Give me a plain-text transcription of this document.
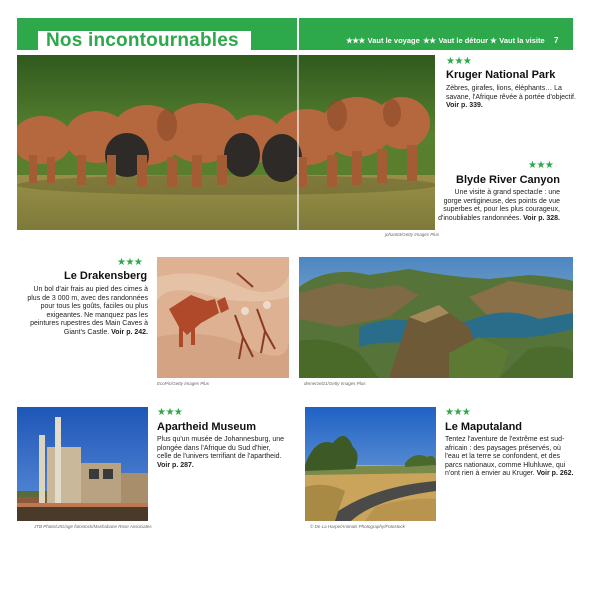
Nos incontournables	★★★ Vaut le voyage ★★ Vaut le détour ★ Vaut la visite 7
johan63/Getty Images Plus
★★★
Kruger National Park
Zèbres, girafes, lions, éléphants… La savane, l'Afrique rêvée à portée d'objectif. Voir p. 339.
★★★
Blyde River Canyon
Une visite à grand spectacle : une gorge vertigineuse, des points de vue superbes et, pour les plus courageux, d'inoubliables randonnées. Voir p. 328.
★★★
Le Drakensberg
Un bol d'air frais au pied des cimes à plus de 3 000 m, avec des randonnées pour tous les goûts, faciles ou plus exigeantes. Ne manquez pas les peintures rupestres des Main Caves à Giant's Castle. Voir p. 242.
EcoPic/Getty Images Plus	demerzel21/Getty Images Plus
JTB Photo/UIG/age fotostock/Mashabane Rose Associates
★★★
Apartheid Museum
Plus qu'un musée de Johannesburg, une plongée dans l'Afrique du Sud d'hier, celle de l'univers terrifiant de l'apartheid. Voir p. 287.
© De La Harpe/Animals Photography/Fotostock
★★★
Le Maputaland
Tentez l'aventure de l'extrême est sud-africain : des paysages préservés, où l'eau et la terre se confondent, et des parcs nationaux, comme Hluhluwe, qui n'ont rien à envier au Kruger. Voir p. 262.
